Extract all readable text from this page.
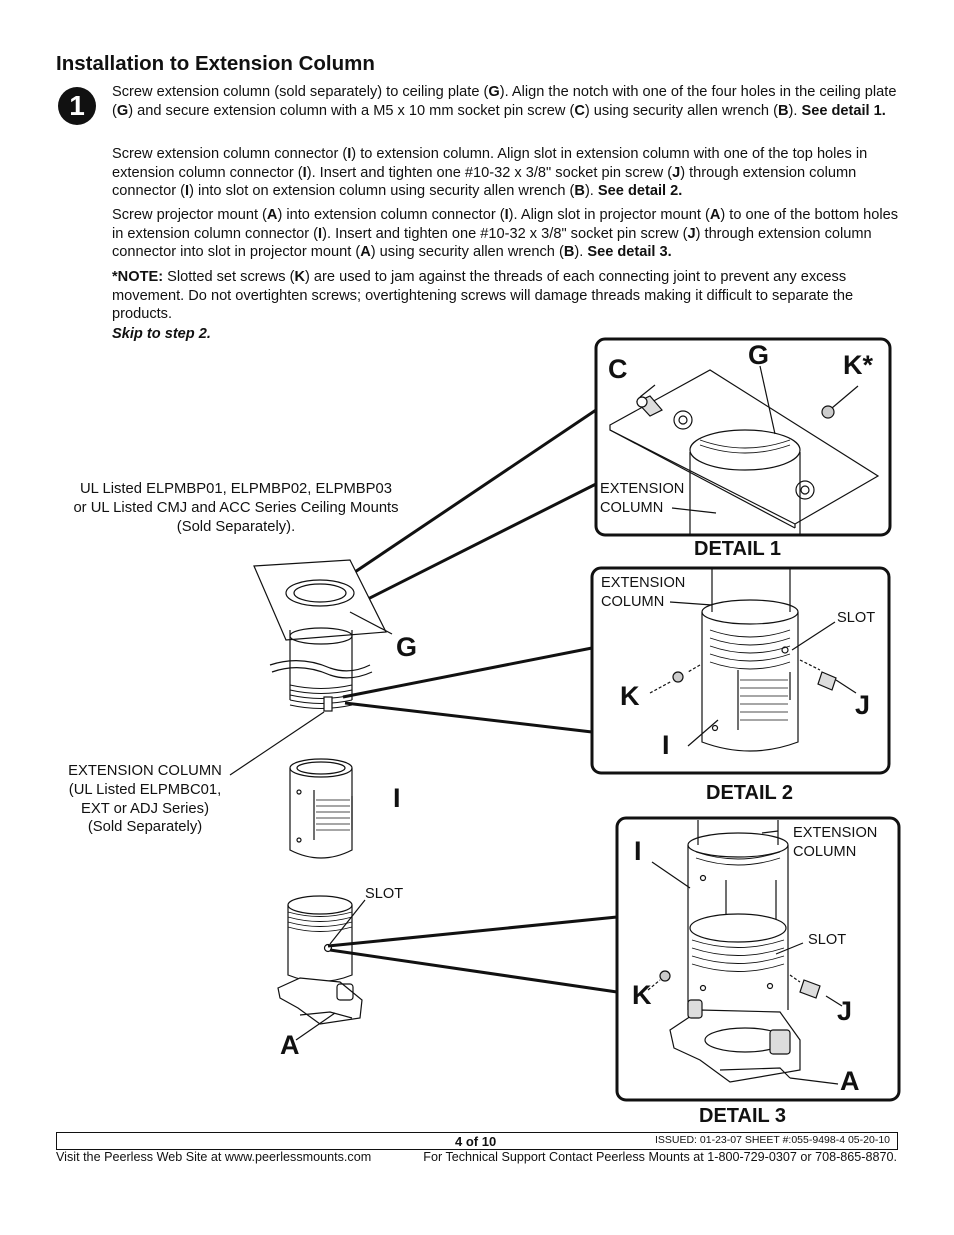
Installation to Extension Column
1	Screw extension column (sold separately) to ceiling plate (G). Align the notch with one of the four holes in the ceiling plate (G) and secure extension column with a M5 x 10 mm socket pin screw (C) using security allen wrench (B). See detail 1.
Screw extension column connector (I) to extension column. Align slot in extension column with one of the top holes in extension column connector (I). Insert and tighten one #10-32 x 3/8" socket pin screw (J) through extension column connector (I) into slot on extension column using security allen wrench (B). See detail 2.
Screw projector mount (A) into extension column connector (I). Align slot in projector mount (A) to one of the bottom holes in extension column connector (I). Insert and tighten one #10-32 x 3/8" socket pin screw (J) through extension column connector into slot in projector mount (A) using security allen wrench (B). See detail 3.
*NOTE: Slotted set screws (K) are used to jam against the threads of each connecting joint to prevent any excess movement. Do not overtighten screws; overtightening screws will damage threads making it difficult to separate the products.
Skip to step 2.
UL Listed ELPMBP01, ELPMBP02, ELPMBP03
or UL Listed CMJ and ACC Series Ceiling Mounts
(Sold Separately).
EXTENSION COLUMN
(UL Listed ELPMBC01,
EXT or ADJ Series)
(Sold Separately)
SLOT
G
I
A
C	G	K*
EXTENSION
COLUMN
DETAIL 1
EXTENSION
COLUMN
SLOT
K	J
I
DETAIL 2
I
EXTENSION
COLUMN
SLOT
K
J
A
DETAIL 3
4 of 10	ISSUED: 01-23-07 SHEET #:055-9498-4 05-20-10
Visit the Peerless Web Site at www.peerlessmounts.com	For Technical Support Contact Peerless Mounts at 1-800-729-0307 or 708-865-8870.
